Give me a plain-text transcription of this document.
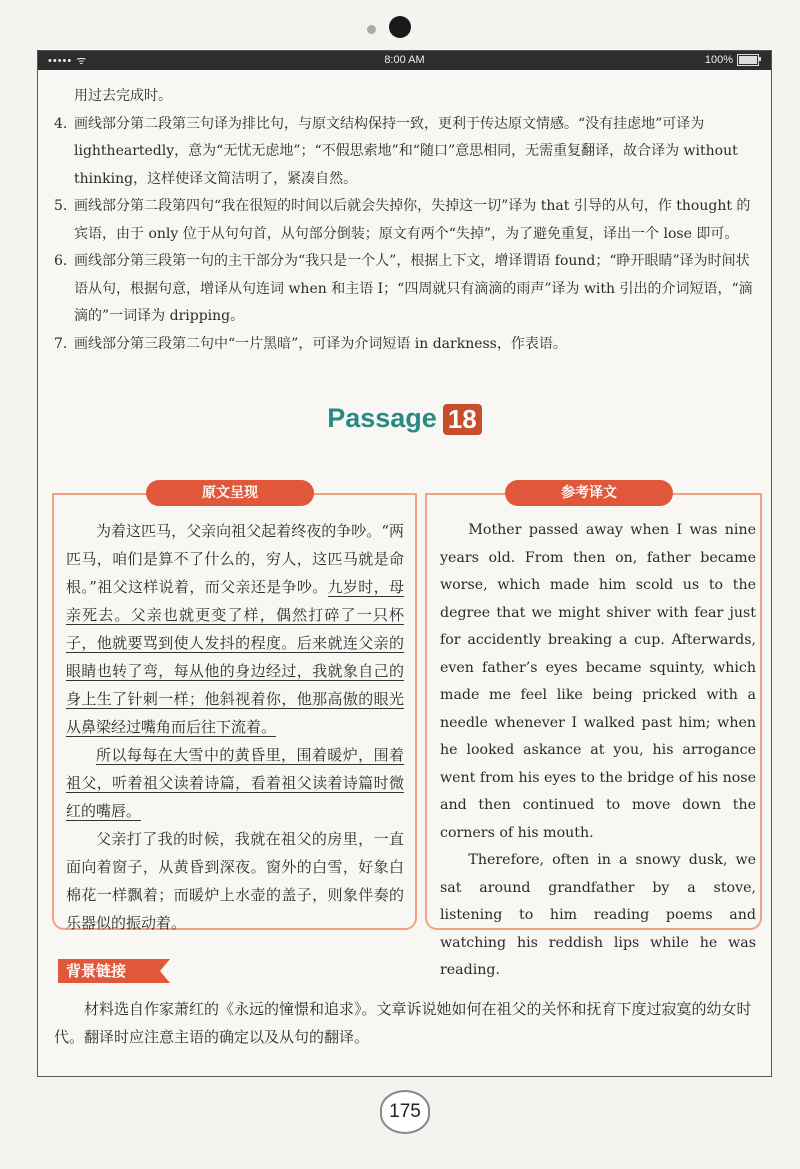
••••• ᯤ	8:00 AM	100%
用过去完成时。
4. 画线部分第二段第三句译为排比句，与原文结构保持一致，更利于传达原文情感。“没有挂虑地”可译为 lightheartedly，意为“无忧无虑地”；“不假思索地”和“随口”意思相同，无需重复翻译，故合译为 without thinking，这样使译文简洁明了，紧凑自然。
5. 画线部分第二段第四句“我在很短的时间以后就会失掉你，失掉这一切”译为 that 引导的从句，作 thought 的宾语，由于 only 位于从句句首，从句部分倒装；原文有两个“失掉”，为了避免重复，译出一个 lose 即可。
6. 画线部分第三段第一句的主干部分为“我只是一个人”，根据上下文，增译谓语 found；“睁开眼睛”译为时间状语从句，根据句意，增译从句连词 when 和主语 I；“四周就只有滴滴的雨声”译为 with 引出的介词短语，“滴滴的”一词译为 dripping。
7. 画线部分第三段第二句中“一片黑暗”，可译为介词短语 in darkness，作表语。
Passage 18
原文呈现	参考译文

为着这匹马，父亲向祖父起着终夜的争吵。“两匹马，咱们是算不了什么的，穷人，这匹马就是命根。”祖父这样说着，而父亲还是争吵。九岁时，母亲死去。父亲也就更变了样，偶然打碎了一只杯子，他就要骂到使人发抖的程度。后来就连父亲的眼睛也转了弯，每从他的身边经过，我就象自己的身上生了针刺一样；他斜视着你，他那高傲的眼光从鼻梁经过嘴角而后往下流着。

所以每每在大雪中的黄昏里，围着暖炉，围着祖父，听着祖父读着诗篇，看着祖父读着诗篇时微红的嘴唇。

父亲打了我的时候，我就在祖父的房里，一直面向着窗子，从黄昏到深夜。窗外的白雪，好象白棉花一样飘着；而暖炉上水壶的盖子，则象伴奏的乐器似的振动着。

Mother passed away when I was nine years old. From then on, father became worse, which made him scold us to the degree that we might shiver with fear just for accidently breaking a cup. Afterwards, even father’s eyes became squinty, which made me feel like being pricked with a needle whenever I walked past him; when he looked askance at you, his arrogance went from his eyes to the bridge of his nose and then continued to move down the corners of his mouth.

Therefore, often in a snowy dusk, we sat around grandfather by a stove, listening to him reading poems and watching his reddish lips while he was reading.

背景链接
材料选自作家萧红的《永远的憧憬和追求》。文章诉说她如何在祖父的关怀和抚育下度过寂寞的幼女时代。翻译时应注意主语的确定以及从句的翻译。
175
